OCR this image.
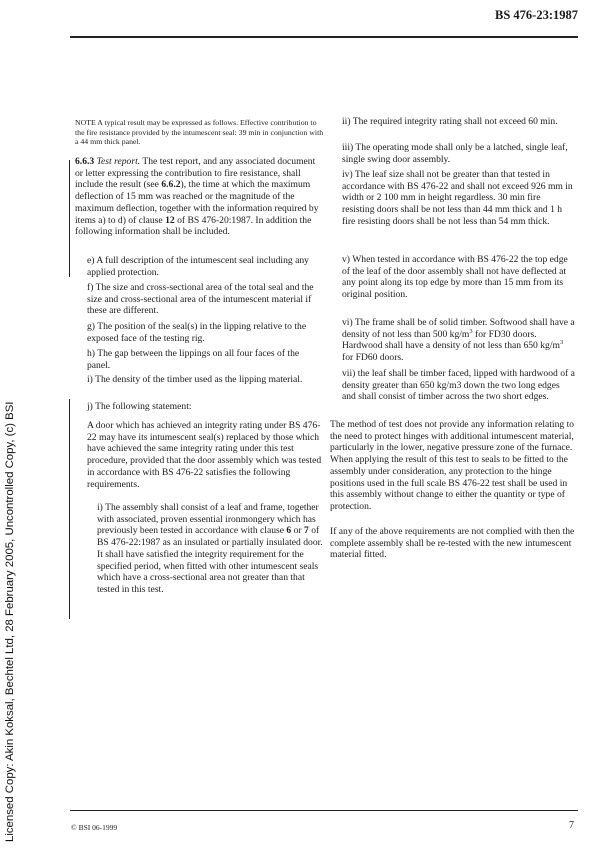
BS 476-23:1987
Licensed Copy: Akin Koksal, Bechtel Ltd, 28 February 2005, Uncontrolled Copy, (c) BSI
NOTE A typical result may be expressed as follows. Effective contribution to the fire resistance provided by the intumescent seal: 39 min in conjunction with a 44 mm thick panel.
6.6.3 Test report. The test report, and any associated document or letter expressing the contribution to fire resistance, shall include the result (see 6.6.2), the time at which the maximum deflection of 15 mm was reached or the magnitude of the maximum deflection, together with the information required by items a) to d) of clause 12 of BS 476-20:1987. In addition the following information shall be included.
e) A full description of the intumescent seal including any applied protection.
f) The size and cross-sectional area of the total seal and the size and cross-sectional area of the intumescent material if these are different.
g) The position of the seal(s) in the lipping relative to the exposed face of the testing rig.
h) The gap between the lippings on all four faces of the panel.
i) The density of the timber used as the lipping material.
j) The following statement:
A door which has achieved an integrity rating under BS 476-22 may have its intumescent seal(s) replaced by those which have achieved the same integrity rating under this test procedure, provided that the door assembly which was tested in accordance with BS 476-22 satisfies the following requirements.
i) The assembly shall consist of a leaf and frame, together with associated, proven essential ironmongery which has previously been tested in accordance with clause 6 or 7 of BS 476-22:1987 as an insulated or partially insulated door. It shall have satisfied the integrity requirement for the specified period, when fitted with other intumescent seals which have a cross-sectional area not greater than that tested in this test.
ii) The required integrity rating shall not exceed 60 min.
iii) The operating mode shall only be a latched, single leaf, single swing door assembly.
iv) The leaf size shall not be greater than that tested in accordance with BS 476-22 and shall not exceed 926 mm in width or 2 100 mm in height regardless. 30 min fire resisting doors shall be not less than 44 mm thick and 1 h fire resisting doors shall be not less than 54 mm thick.
v) When tested in accordance with BS 476-22 the top edge of the leaf of the door assembly shall not have deflected at any point along its top edge by more than 15 mm from its original position.
vi) The frame shall be of solid timber. Softwood shall have a density of not less than 500 $kg/m^3$ for FD30 doors. Hardwood shall have a density of not less than 650 $kg/m^3$ for FD60 doors.
vii) the leaf shall be timber faced, lipped with hardwood of a density greater than 650 kg/m3 down the two long edges and shall consist of timber across the two short edges.
The method of test does not provide any information relating to the need to protect hinges with additional intumescent material, particularly in the lower, negative pressure zone of the furnace. When applying the result of this test to seals to be fitted to the assembly under consideration, any protection to the hinge positions used in the full scale BS 476-22 test shall be used in this assembly without change to either the quantity or type of protection.
If any of the above requirements are not complied with then the complete assembly shall be re-tested with the new intumescent material fitted.
© BSI 06-1999	7
